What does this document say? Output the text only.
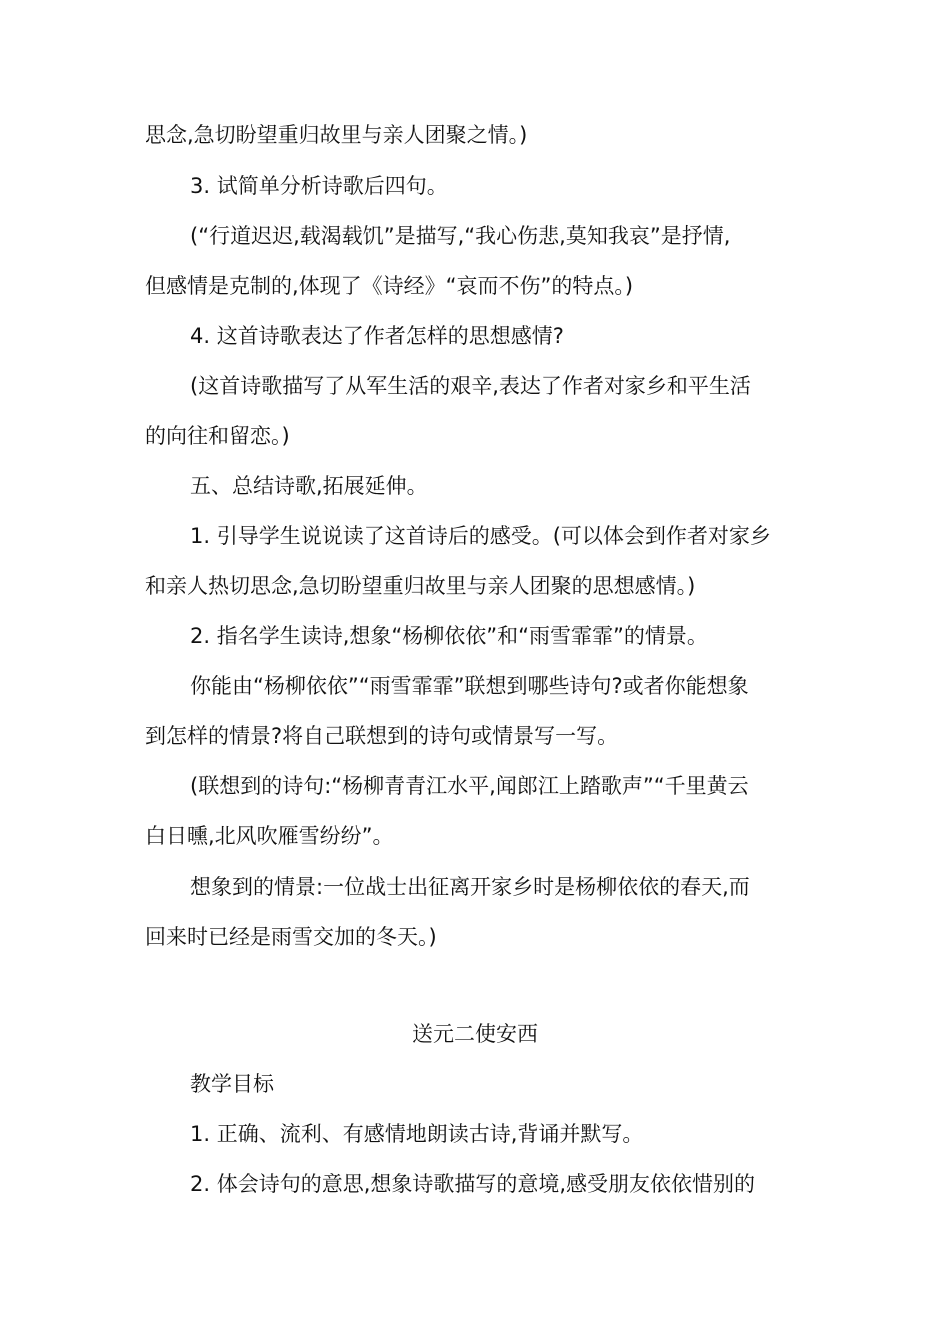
思念,急切盼望重归故里与亲人团聚之情。)
3. 试简单分析诗歌后四句。
(“行道迟迟,载渴载饥”是描写,“我心伤悲,莫知我哀”是抒情,
但感情是克制的,体现了《诗经》“哀而不伤”的特点。)
4. 这首诗歌表达了作者怎样的思想感情?
(这首诗歌描写了从军生活的艰辛,表达了作者对家乡和平生活
的向往和留恋。)
五、总结诗歌,拓展延伸。
1. 引导学生说说读了这首诗后的感受。(可以体会到作者对家乡
和亲人热切思念,急切盼望重归故里与亲人团聚的思想感情。)
2. 指名学生读诗,想象“杨柳依依”和“雨雪霏霏”的情景。
你能由“杨柳依依”“雨雪霏霏”联想到哪些诗句?或者你能想象
到怎样的情景?将自己联想到的诗句或情景写一写。
(联想到的诗句:“杨柳青青江水平,闻郎江上踏歌声”“千里黄云
白日曛,北风吹雁雪纷纷”。
想象到的情景:一位战士出征离开家乡时是杨柳依依的春天,而
回来时已经是雨雪交加的冬天。)
送元二使安西
教学目标
1. 正确、流利、有感情地朗读古诗,背诵并默写。
2. 体会诗句的意思,想象诗歌描写的意境,感受朋友依依惜别的
